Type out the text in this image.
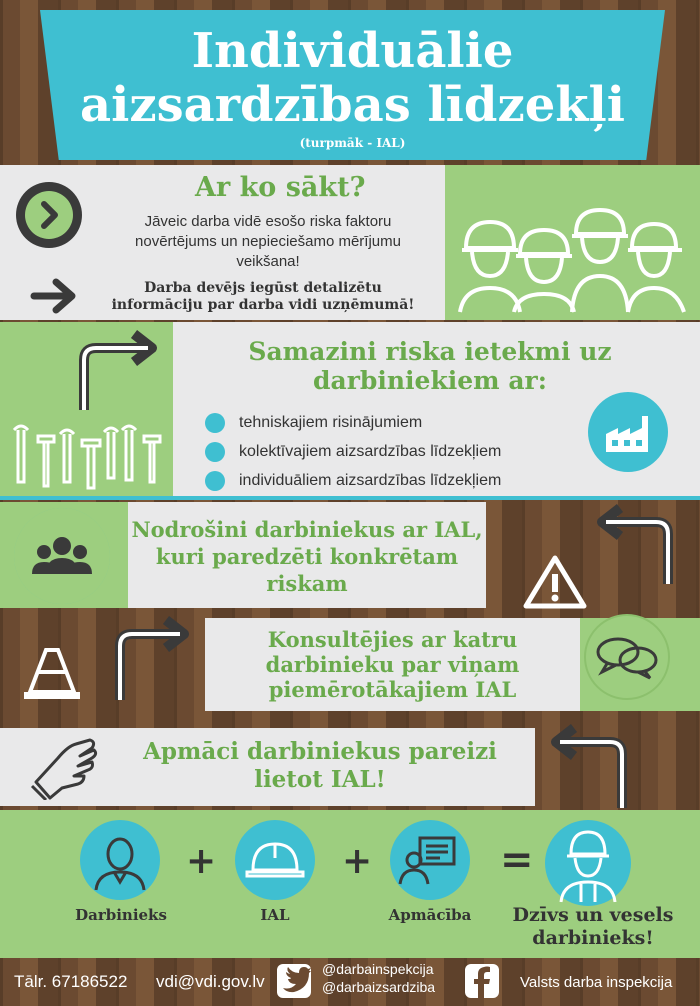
Individuālie
aizsardzības līdzekļi
(turpmāk - IAL)
Ar ko sākt?
Jāveic darba vidē esošo riska faktoru novērtējums un nepieciešamo mērījumu veikšana!
Darba devējs iegūst detalizētu informāciju par darba vidi uzņēmumā!
Samazini riska ietekmi uz darbiniekiem ar:
tehniskajiem risinājumiem
kolektīvajiem aizsardzības līdzekļiem
individuāliem aizsardzības līdzekļiem
Nodrošini darbiniekus ar IAL, kuri paredzēti konkrētam riskam
Konsultējies ar katru darbinieku par viņam piemērotākajiem IAL
Apmāci darbiniekus pareizi lietot IAL!
+	+	=
Darbinieks	IAL	Apmācība	Dzīvs un vesels darbinieks!
Tālr. 67186522 vdi@vdi.gov.lv
@darbainspekcija
@darbaizsardziba	Valsts darba inspekcija
